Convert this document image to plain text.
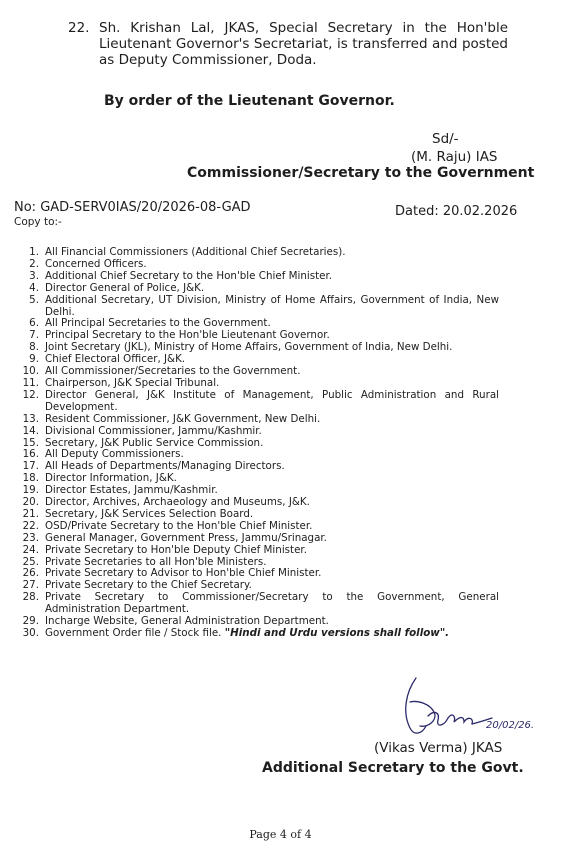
22. Sh. Krishan Lal, JKAS, Special Secretary in the Hon'ble Lieutenant Governor's Secretariat, is transferred and posted as Deputy Commissioner, Doda.
By order of the Lieutenant Governor.
Sd/-
(M. Raju) IAS
Commissioner/Secretary to the Government
No: GAD-SERV0IAS/20/2026-08-GAD	Dated: 20.02.2026
Copy to:-
1. All Financial Commissioners (Additional Chief Secretaries).
2. Concerned Officers.
3. Additional Chief Secretary to the Hon'ble Chief Minister.
4. Director General of Police, J&K.
5. Additional Secretary, UT Division, Ministry of Home Affairs, Government of India, New Delhi.
6. All Principal Secretaries to the Government.
7. Principal Secretary to the Hon'ble Lieutenant Governor.
8. Joint Secretary (JKL), Ministry of Home Affairs, Government of India, New Delhi.
9. Chief Electoral Officer, J&K.
10. All Commissioner/Secretaries to the Government.
11. Chairperson, J&K Special Tribunal.
12. Director General, J&K Institute of Management, Public Administration and Rural Development.
13. Resident Commissioner, J&K Government, New Delhi.
14. Divisional Commissioner, Jammu/Kashmir.
15. Secretary, J&K Public Service Commission.
16. All Deputy Commissioners.
17. All Heads of Departments/Managing Directors.
18. Director Information, J&K.
19. Director Estates, Jammu/Kashmir.
20. Director, Archives, Archaeology and Museums, J&K.
21. Secretary, J&K Services Selection Board.
22. OSD/Private Secretary to the Hon'ble Chief Minister.
23. General Manager, Government Press, Jammu/Srinagar.
24. Private Secretary to Hon'ble Deputy Chief Minister.
25. Private Secretaries to all Hon'ble Ministers.
26. Private Secretary to Advisor to Hon'ble Chief Minister.
27. Private Secretary to the Chief Secretary.
28. Private Secretary to Commissioner/Secretary to the Government, General Administration Department.
29. Incharge Website, General Administration Department.
30. Government Order file / Stock file. "Hindi and Urdu versions shall follow".
20/02/26.
(Vikas Verma) JKAS
Additional Secretary to the Govt.
Page 4 of 4
